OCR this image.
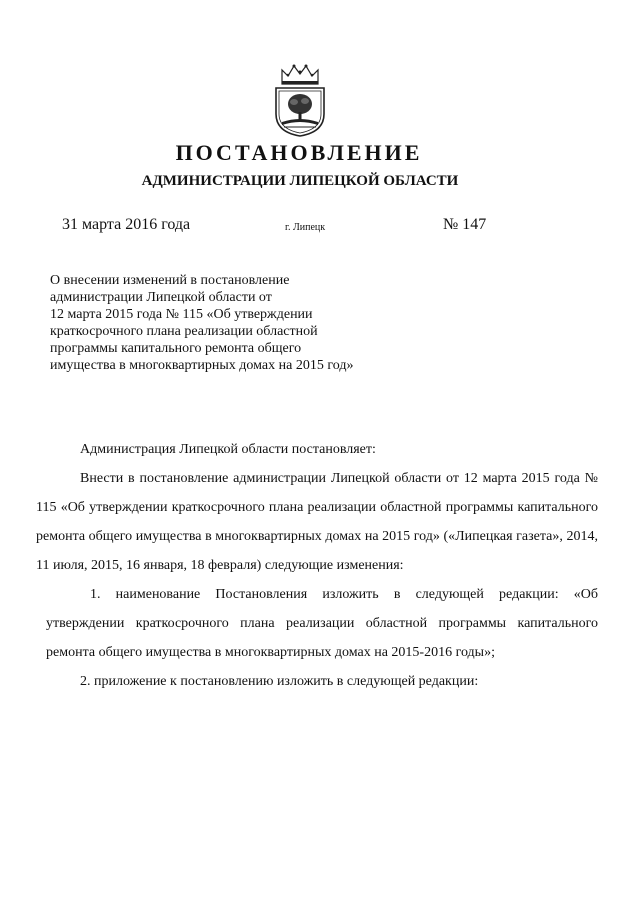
ПОСТАНОВЛЕНИЕ
АДМИНИСТРАЦИИ ЛИПЕЦКОЙ ОБЛАСТИ
31 марта 2016 года	г. Липецк	№ 147
О внесении изменений в постановление
администрации Липецкой области от
12 марта 2015 года № 115 «Об утверждении
краткосрочного плана реализации областной
программы капитального ремонта общего
имущества в многоквартирных домах на 2015 год»

Администрация Липецкой области постановляет:

Внести в постановление администрации Липецкой области от 12 марта 2015 года № 115 «Об утверждении краткосрочного плана реализации областной программы капитального ремонта общего имущества в многоквартирных домах на 2015 год» («Липецкая газета», 2014, 11 июля, 2015, 16 января, 18 февраля) следующие изменения:

1. наименование Постановления изложить в следующей редакции: «Об утверждении краткосрочного плана реализации областной программы капитального ремонта общего имущества в многоквартирных домах на 2015-2016 годы»;

2. приложение к постановлению изложить в следующей редакции:
